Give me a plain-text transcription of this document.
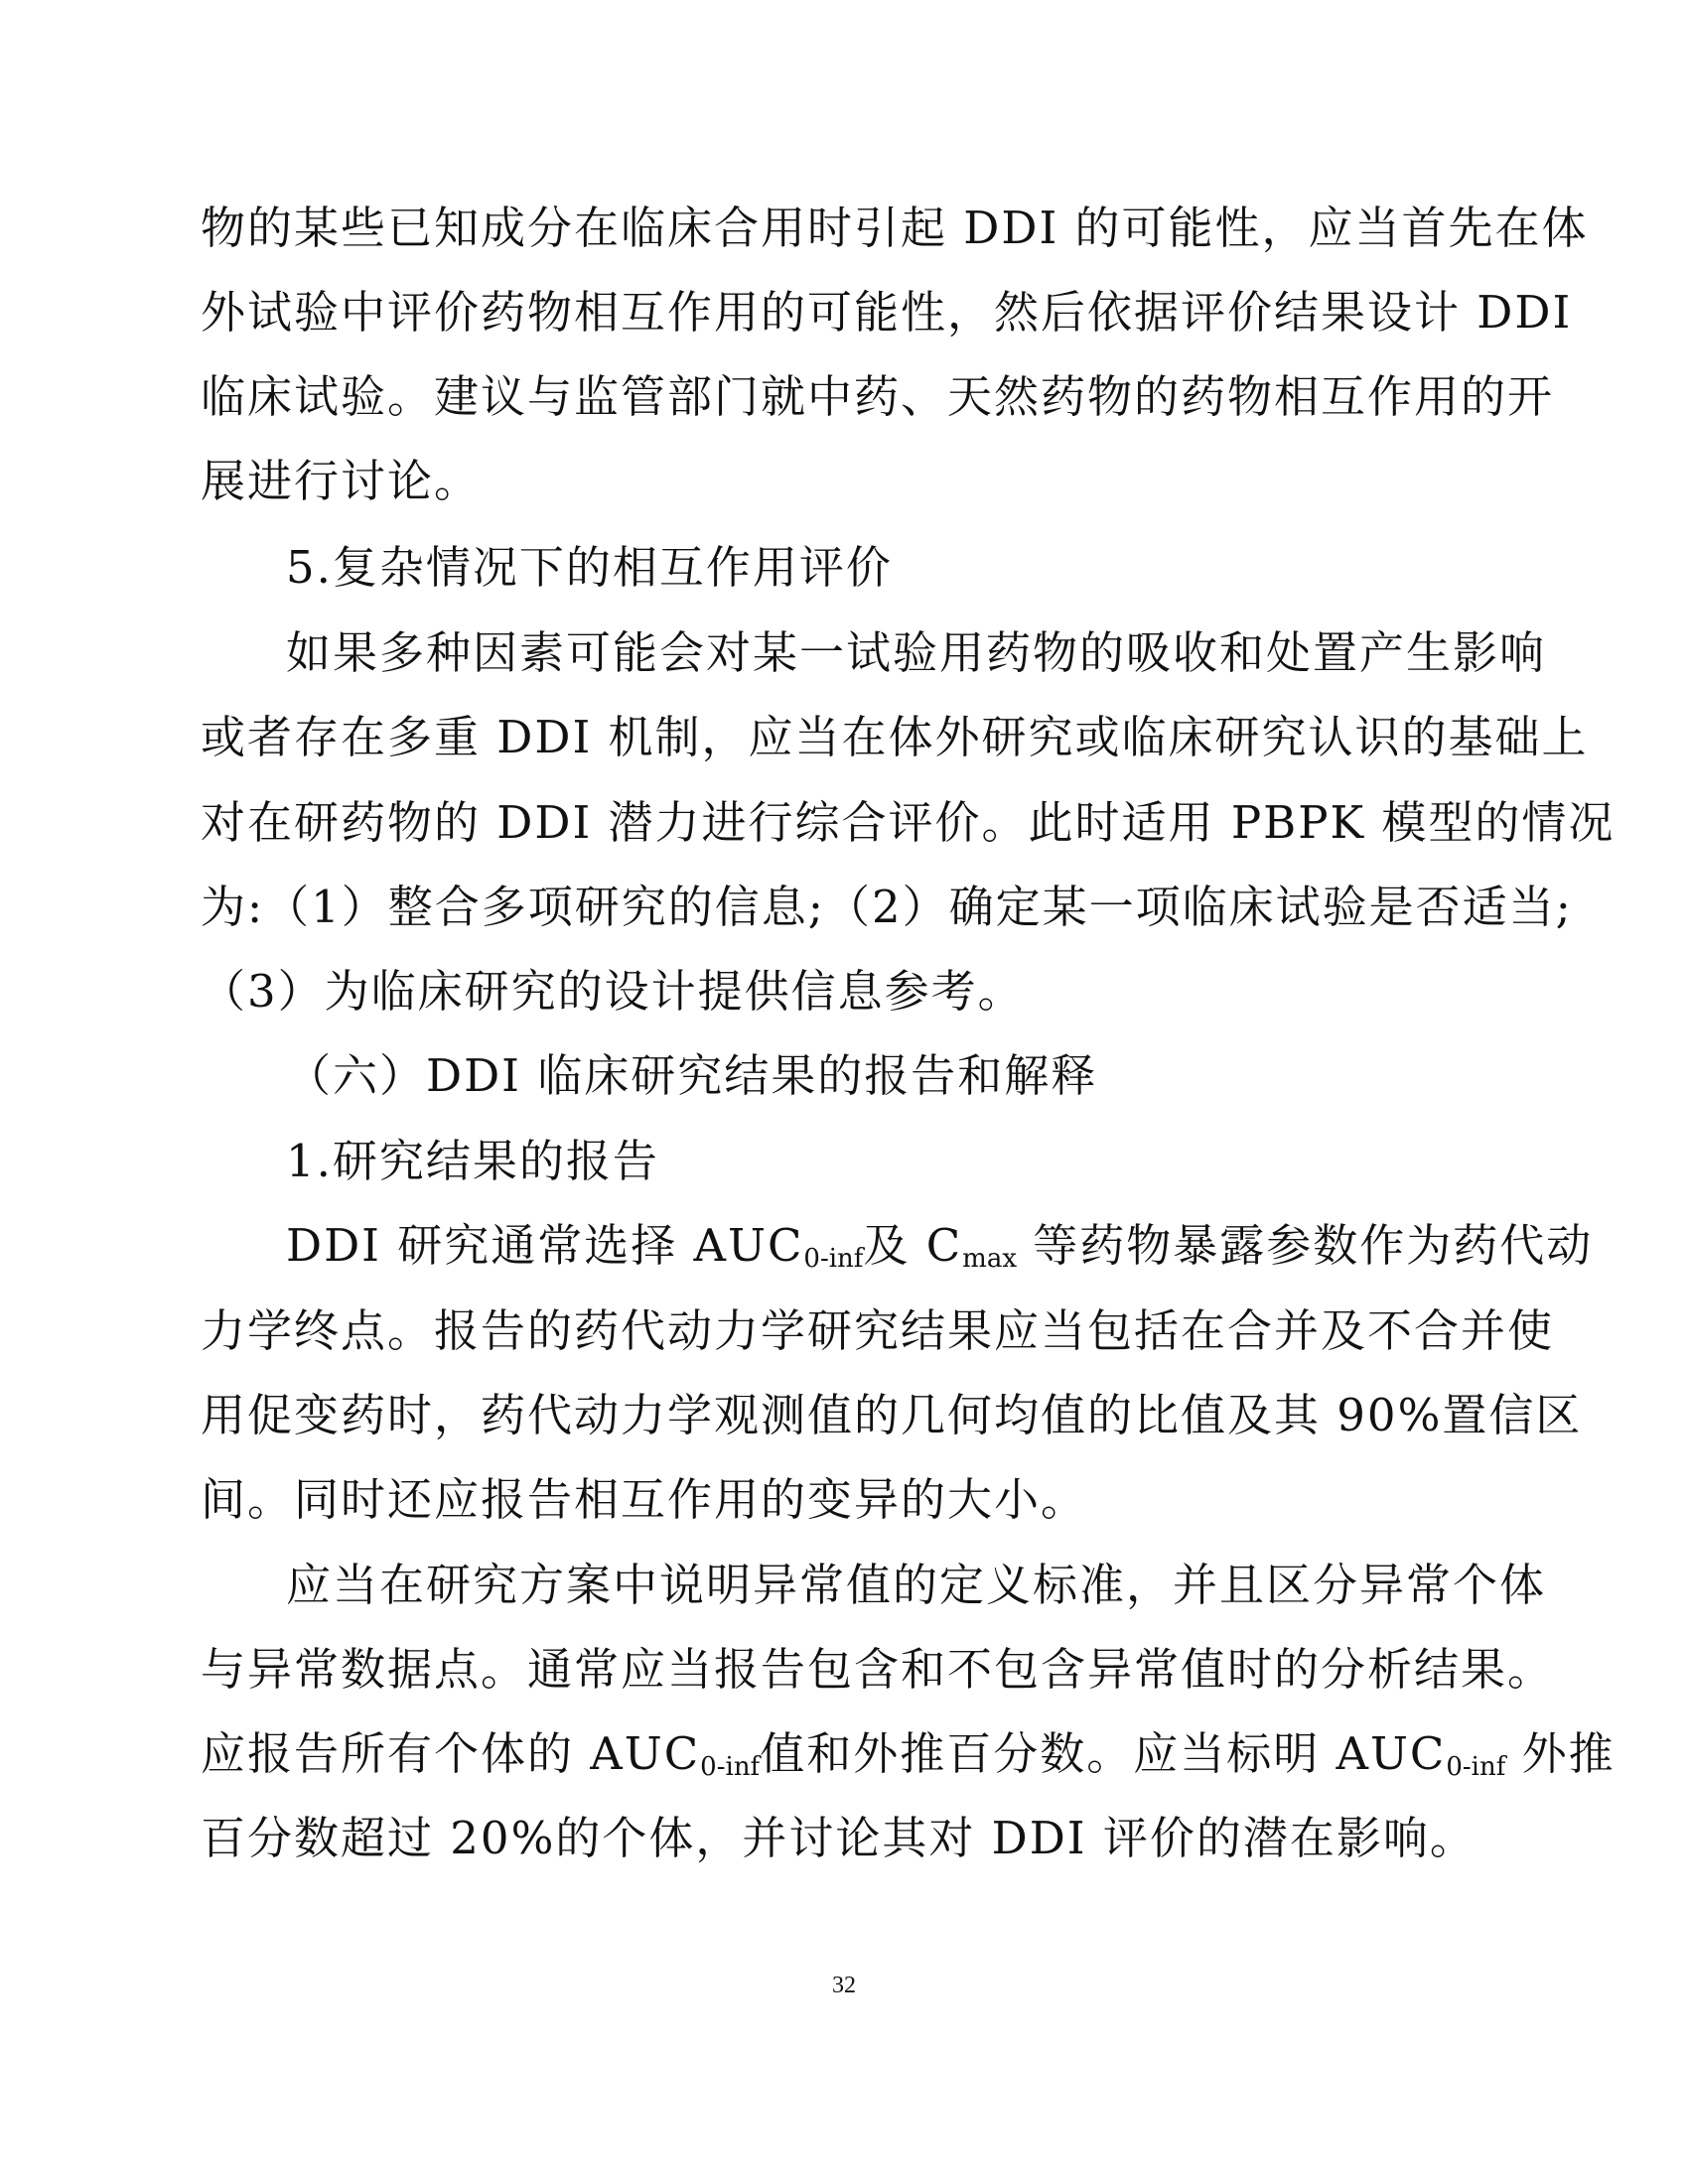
物的某些已知成分在临床合用时引起 DDI 的可能性，应当首先在体
外试验中评价药物相互作用的可能性，然后依据评价结果设计 DDI
临床试验。建议与监管部门就中药、天然药物的药物相互作用的开
展进行讨论。
5.复杂情况下的相互作用评价
如果多种因素可能会对某一试验用药物的吸收和处置产生影响
或者存在多重 DDI 机制，应当在体外研究或临床研究认识的基础上
对在研药物的 DDI 潜力进行综合评价。此时适用 PBPK 模型的情况
为:（1）整合多项研究的信息;（2）确定某一项临床试验是否适当;
（3）为临床研究的设计提供信息参考。
（六）DDI 临床研究结果的报告和解释
1.研究结果的报告
DDI 研究通常选择 $AUC_{0-inf}$及 $C_{max}$ 等药物暴露参数作为药代动
力学终点。报告的药代动力学研究结果应当包括在合并及不合并使
用促变药时，药代动力学观测值的几何均值的比值及其 90%置信区
间。同时还应报告相互作用的变异的大小。
应当在研究方案中说明异常值的定义标准，并且区分异常个体
与异常数据点。通常应当报告包含和不包含异常值时的分析结果。
应报告所有个体的 $AUC_{0-inf}$值和外推百分数。应当标明 $AUC_{0-inf}$ 外推
百分数超过 20%的个体，并讨论其对 DDI 评价的潜在影响。
32
